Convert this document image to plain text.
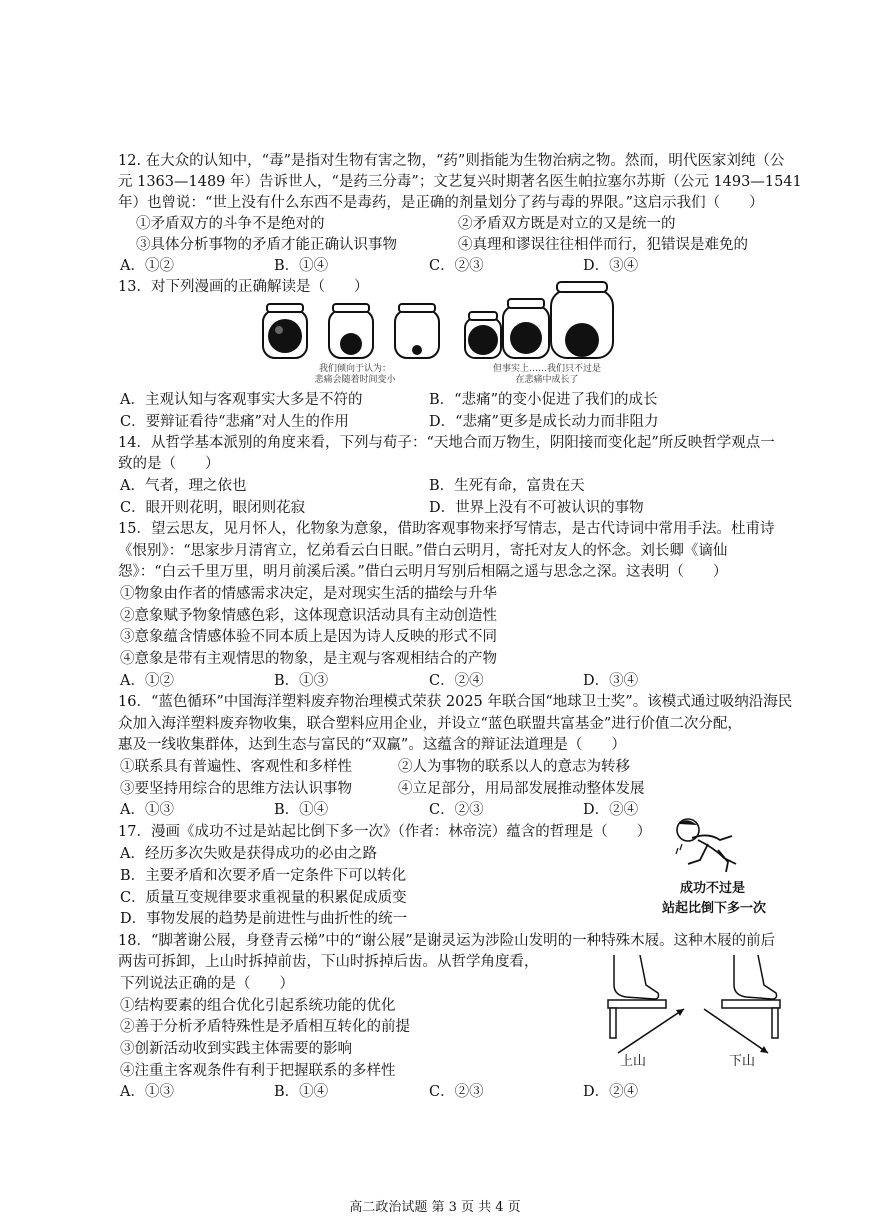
12. 在大众的认知中，“毒”是指对生物有害之物，“药”则指能为生物治病之物。然而，明代医家刘纯（公
元 1363—1489 年）告诉世人，“是药三分毒”；文艺复兴时期著名医生帕拉塞尔苏斯（公元 1493—1541
年）也曾说：“世上没有什么东西不是毒药，是正确的剂量划分了药与毒的界限。”这启示我们（　　）
①矛盾双方的斗争不是绝对的	②矛盾双方既是对立的又是统一的
③具体分析事物的矛盾才能正确认识事物	④真理和谬误往往相伴而行，犯错误是难免的
A．①②	B．①④	C．②③	D．③④
13．对下列漫画的正确解读是（　　）
我们倾向于认为：
悲痛会随着时间变小
但事实上……我们只不过是
在悲痛中成长了
A．主观认知与客观事实大多是不符的	B．“悲痛”的变小促进了我们的成长
C．要辩证看待“悲痛”对人生的作用	D．“悲痛”更多是成长动力而非阻力
14．从哲学基本派别的角度来看，下列与荀子：“天地合而万物生，阴阳接而变化起”所反映哲学观点一
致的是（　　）
A．气者，理之依也	B．生死有命，富贵在天
C．眼开则花明，眼闭则花寂	D．世界上没有不可被认识的事物
15．望云思友，见月怀人，化物象为意象，借助客观事物来抒写情志，是古代诗词中常用手法。杜甫诗
《恨别》：“思家步月清宵立，忆弟看云白日眠。”借白云明月，寄托对友人的怀念。刘长卿《谪仙
怨》：“白云千里万里，明月前溪后溪。”借白云明月写别后相隔之遥与思念之深。这表明（　　）
①物象由作者的情感需求决定，是对现实生活的描绘与升华
②意象赋予物象情感色彩，这体现意识活动具有主动创造性
③意象蕴含情感体验不同本质上是因为诗人反映的形式不同
④意象是带有主观情思的物象，是主观与客观相结合的产物
A．①②	B．①③	C．②④	D．③④
16．“蓝色循环”中国海洋塑料废弃物治理模式荣获 2025 年联合国“地球卫士奖”。该模式通过吸纳沿海民
众加入海洋塑料废弃物收集，联合塑料应用企业，并设立“蓝色联盟共富基金”进行价值二次分配，
惠及一线收集群体，达到生态与富民的“双赢”。这蕴含的辩证法道理是（　　）
①联系具有普遍性、客观性和多样性	②人为事物的联系以人的意志为转移
③要坚持用综合的思维方法认识事物	④立足部分，用局部发展推动整体发展
A．①③	B．①④	C．②③	D．②④
17．漫画《成功不过是站起比倒下多一次》（作者：林帝浣）蕴含的哲理是（　　）
A．经历多次失败是获得成功的必由之路
B．主要矛盾和次要矛盾一定条件下可以转化
C．质量互变规律要求重视量的积累促成质变
D．事物发展的趋势是前进性与曲折性的统一
成功不过是
站起比倒下多一次
18．“脚著谢公屐，身登青云梯”中的“谢公屐”是谢灵运为涉险山发明的一种特殊木屐。这种木屐的前后
两齿可拆卸，上山时拆掉前齿，下山时拆掉后齿。从哲学角度看，
下列说法正确的是（　　）
①结构要素的组合优化引起系统功能的优化
②善于分析矛盾特殊性是矛盾相互转化的前提
③创新活动收到实践主体需要的影响
④注重主客观条件有利于把握联系的多样性
上山	下山
A．①③	B．①④	C．②③	D．②④
高二政治试题 第 3 页 共 4 页
